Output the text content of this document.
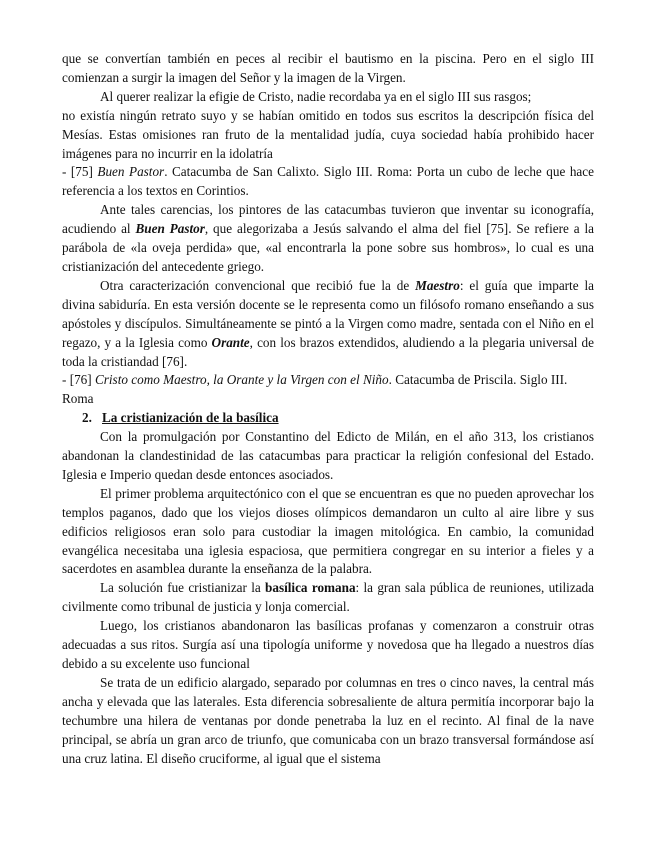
que se convertían también en peces al recibir el bautismo en la piscina. Pero en el siglo III comienzan a surgir la imagen del Señor y la imagen de la Virgen.

Al querer realizar la efigie de Cristo, nadie recordaba ya en el siglo III sus rasgos;

no existía ningún retrato suyo y se habían omitido en todos sus escritos la descripción física del Mesías. Estas omisiones ran fruto de la mentalidad judía, cuya sociedad había prohibido hacer imágenes para no incurrir en la idolatría

- [75] Buen Pastor. Catacumba de San Calixto. Siglo III. Roma: Porta un cubo de leche que hace referencia a los textos en Corintios.

Ante tales carencias, los pintores de las catacumbas tuvieron que inventar su iconografía, acudiendo al Buen Pastor, que alegorizaba a Jesús salvando el alma del fiel [75]. Se refiere a la parábola de «la oveja perdida» que, «al encontrarla la pone sobre sus hombros», lo cual es una cristianización del antecedente griego.

Otra caracterización convencional que recibió fue la de Maestro: el guía que imparte la divina sabiduría. En esta versión docente se le representa como un filósofo romano enseñando a sus apóstoles y discípulos. Simultáneamente se pintó a la Virgen como madre, sentada con el Niño en el regazo, y a la Iglesia como Orante, con los brazos extendidos, aludiendo a la plegaria universal de toda la cristiandad [76].

- [76] Cristo como Maestro, la Orante y la Virgen con el Niño. Catacumba de Priscila. Siglo III. Roma

2. La cristianización de la basílica

Con la promulgación por Constantino del Edicto de Milán, en el año 313, los cristianos abandonan la clandestinidad de las catacumbas para practicar la religión confesional del Estado. Iglesia e Imperio quedan desde entonces asociados.

El primer problema arquitectónico con el que se encuentran es que no pueden aprovechar los templos paganos, dado que los viejos dioses olímpicos demandaron un culto al aire libre y sus edificios religiosos eran solo para custodiar la imagen mitológica. En cambio, la comunidad evangélica necesitaba una iglesia espaciosa, que permitiera congregar en su interior a fieles y a sacerdotes en asamblea durante la enseñanza de la palabra.

La solución fue cristianizar la basílica romana: la gran sala pública de reuniones, utilizada civilmente como tribunal de justicia y lonja comercial.

Luego, los cristianos abandonaron las basílicas profanas y comenzaron a construir otras adecuadas a sus ritos. Surgía así una tipología uniforme y novedosa que ha llegado a nuestros días debido a su excelente uso funcional

Se trata de un edificio alargado, separado por columnas en tres o cinco naves, la central más ancha y elevada que las laterales. Esta diferencia sobresaliente de altura permitía incorporar bajo la techumbre una hilera de ventanas por donde penetraba la luz en el recinto. Al final de la nave principal, se abría un gran arco de triunfo, que comunicaba con un brazo transversal formándose así una cruz latina. El diseño cruciforme, al igual que el sistema
